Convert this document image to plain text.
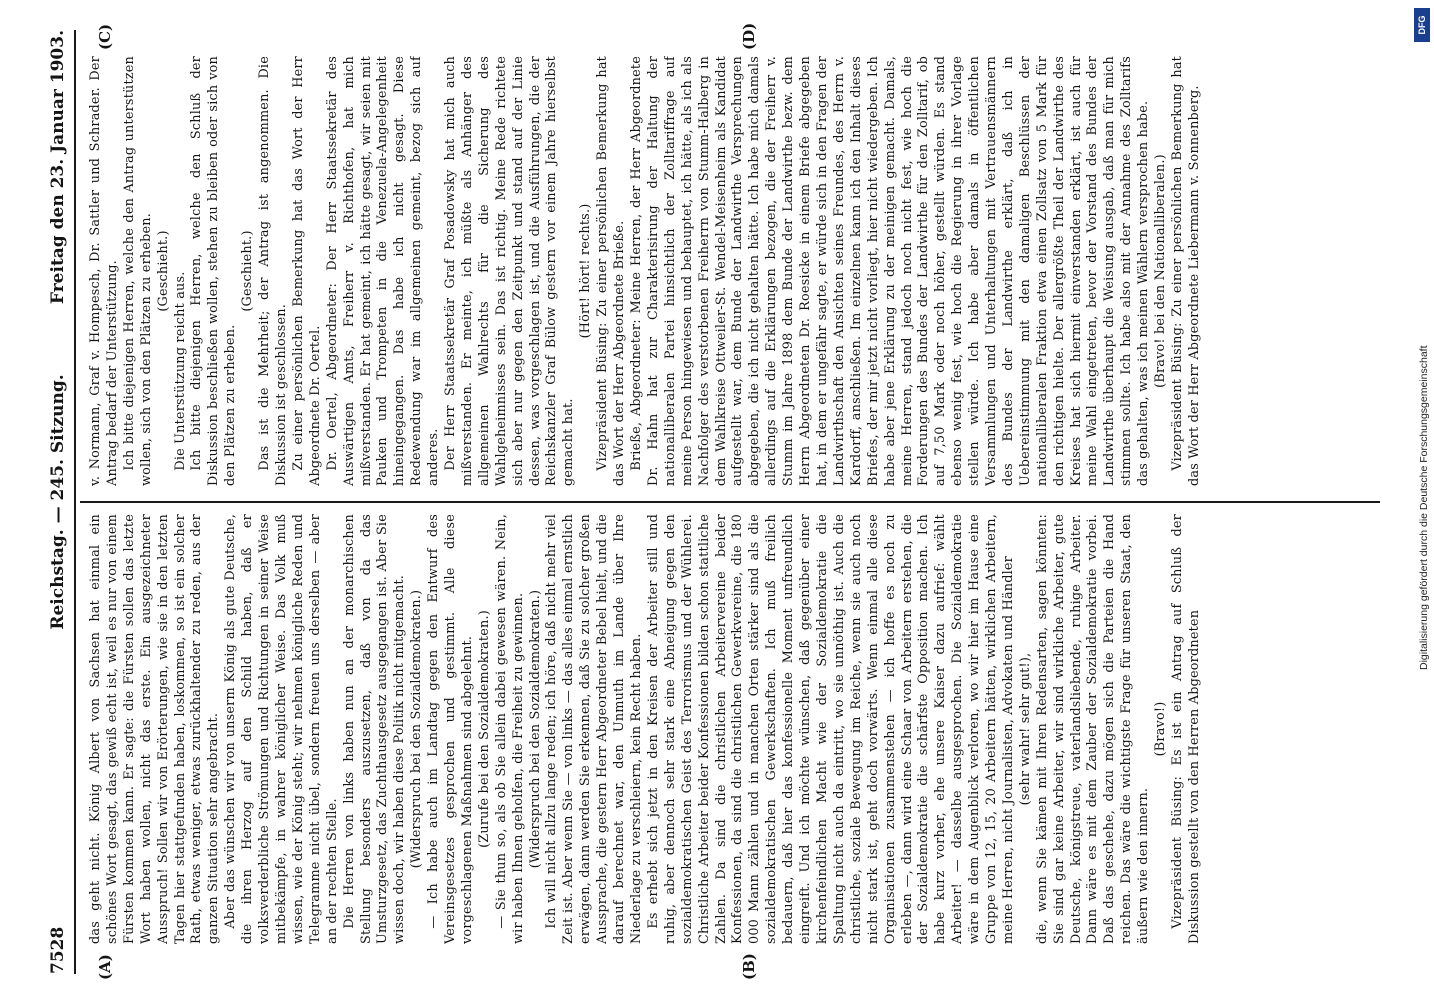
7528
Reichstag. — 245. Sitzung.
Freitag den 23. Januar 1903.
(A)	(B)
(C)	(D)

das geht nicht. König Albert von Sachsen hat einmal ein schönes Wort gesagt, das gewiß echt ist, weil es nur von einem Fürsten kommen kann. Er sagte: die Fürsten sollen das letzte Wort haben wollen, nicht das erste. Ein ausgezeichneter Ausspruch! Sollen wir von Erörterungen, wie sie in den letzten Tagen hier stattgefunden haben, loskommen, so ist ein solcher Rath, etwas weniger, etwas zurückhaltender zu reden, aus der ganzen Situation sehr angebracht. Aber das wünschen wir von unserm König als gute Deutsche, die ihren Herzog auf den Schild haben, daß er volksverderbliche Strömungen und Richtungen in seiner Weise mitbekämpfe, in wahrer königlicher Weise. Das Volk muß wissen, wie der König steht; wir nehmen königliche Reden und Telegramme nicht übel, sondern freuen uns derselben — aber an der rechten Stelle. Die Herren von links haben nun an der monarchischen Stellung besonders auszusetzen, daß von da das Umsturzgesetz, das Zuchthausgesetz ausgegangen ist. Aber Sie wissen doch, wir haben diese Politik nicht mitgemacht. (Widerspruch bei den Sozialdemokraten.) — Ich habe auch im Landtag gegen den Entwurf des Vereinsgesetzes gesprochen und gestimmt. Alle diese vorgeschlagenen Maßnahmen sind abgelehnt. (Zurufe bei den Sozialdemokraten.) — Sie thun so, als ob Sie allein dabei gewesen wären. Nein, wir haben Ihnen geholfen, die Freiheit zu gewinnen. (Widerspruch bei den Sozialdemokraten.) Ich will nicht allzu lange reden; ich höre, daß nicht mehr viel Zeit ist. Aber wenn Sie — von links — das alles einmal ernstlich erwägen, dann werden Sie erkennen, daß Sie zu solcher großen Aussprache, die gestern Herr Abgeordneter Bebel hielt, und die darauf berechnet war, den Unmuth im Lande über Ihre Niederlage zu verschleiern, kein Recht haben. Es erhebt sich jetzt in den Kreisen der Arbeiter still und ruhig, aber dennoch sehr stark eine Abneigung gegen den sozialdemokratischen Geist des Terrorismus und der Wühlerei. Christliche Arbeiter beider Konfessionen bilden schon stattliche Zahlen. Da sind die christlichen Arbeitervereine beider Konfessionen, da sind die christlichen Gewerkvereine, die 180 000 Mann zählen und in manchen Orten stärker sind als die sozialdemokratischen Gewerkschaften. Ich muß freilich bedauern, daß hier das konfessionelle Moment unfreundlich eingreift. Und ich möchte wünschen, daß gegenüber einer kirchenfeindlichen Macht wie der Sozialdemokratie die Spaltung nicht auch da eintritt, wo sie unnöthig ist. Auch die christliche, soziale Bewegung im Reiche, wenn sie auch noch nicht stark ist, geht doch vorwärts. Wenn einmal alle diese Organisationen zusammenstehen — ich hoffe es noch zu erleben —, dann wird eine Schaar von Arbeitern erstehen, die der Sozialdemokratie die schärfste Opposition machen. Ich habe kurz vorher, ehe unsere Kaiser dazu aufrief: wählt Arbeiter! — dasselbe ausgesprochen. Die Sozialdemokratie wäre in dem Augenblick verloren, wo wir hier im Hause eine Gruppe von 12, 15, 20 Arbeitern hätten, wirklichen Arbeitern, meine Herren, nicht Journalisten, Advokaten und Händler (sehr wahr! sehr gut!), die, wenn Sie kämen mit Ihren Redensarten, sagen könnten: Sie sind gar keine Arbeiter, wir sind wirkliche Arbeiter, gute Deutsche, königstreue, vaterlandsliebende, ruhige Arbeiter. Dann wäre es mit dem Zauber der Sozialdemokratie vorbei. Daß das geschehe, dazu mögen sich die Parteien die Hand reichen. Das wäre die wichtigste Frage für unseren Staat, den äußern wie den innern.

(Bravo!) Vizepräsident Büsing: Es ist ein Antrag auf Schluß der Diskussion gestellt von den Herren Abgeordneten

v. Normann, Graf v. Hompesch, Dr. Sattler und Schrader. Der Antrag bedarf der Unterstützung. Ich bitte diejenigen Herren, welche den Antrag unterstützen wollen, sich von den Plätzen zu erheben. (Geschieht.)

Die Unterstützung reicht aus. Ich bitte diejenigen Herren, welche den Schluß der Diskussion beschließen wollen, stehen zu bleiben oder sich von den Plätzen zu erheben.

(Geschieht.) Das ist die Mehrheit; der Antrag ist angenommen. Die Diskussion ist geschlossen. Zu einer persönlichen Bemerkung hat das Wort der Herr Abgeordnete Dr. Oertel. Dr. Oertel, Abgeordneter: Der Herr Staatssekretär des Auswärtigen Amts, Freiherr v. Richthofen, hat mich mißverstanden. Er hat gemeint, ich hätte gesagt, wir seien mit Pauken und Trompeten in die Venezuela-Angelegenheit hineingegangen. Das habe ich nicht gesagt. Diese Redewendung war im allgemeinen gemeint, bezog sich auf anderes. Der Herr Staatssekretär Graf Posadowsky hat mich auch mißverstanden. Er meinte, ich müßte als Anhänger des allgemeinen Wahlrechts für die Sicherung des Wahlgeheimnisses sein. Das ist richtig. Meine Rede richtete sich aber nur gegen den Zeitpunkt und stand auf der Linie dessen, was vorgeschlagen ist, und die Ausführungen, die der Reichskanzler Graf Bülow gestern vor einem Jahre hierselbst gemacht hat.

(Hört! hört! rechts.) Vizepräsident Büsing: Zu einer persönlichen Bemerkung hat das Wort der Herr Abgeordnete Brieße. Brieße, Abgeordneter: Meine Herren, der Herr Abgeordnete Dr. Hahn hat zur Charakterisirung der Haltung der nationalliberalen Partei hinsichtlich der Zolltariffrage auf meine Person hingewiesen und behauptet, ich hätte, als ich als Nachfolger des verstorbenen Freiherrn von Stumm-Halberg in dem Wahlkreise Ottweiler-St. Wendel-Meisenheim als Kandidat aufgestellt war, dem Bunde der Landwirthe Versprechungen abgegeben, die ich nicht gehalten hätte. Ich habe mich damals allerdings auf die Erklärungen bezogen, die der Freiherr v. Stumm im Jahre 1898 dem Bunde der Landwirthe bezw. dem Herrn Abgeordneten Dr. Roesicke in einem Briefe abgegeben hat, in dem er ungefähr sagte, er würde sich in den Fragen der Landwirthschaft den Ansichten seines Freundes, des Herrn v. Kardorff, anschließen. Im einzelnen kann ich den Inhalt dieses Briefes, der mir jetzt nicht vorliegt, hier nicht wiedergeben. Ich habe aber jene Erklärung zu der meinigen gemacht. Damals, meine Herren, stand jedoch noch nicht fest, wie hoch die Forderungen des Bundes der Landwirthe für den Zolltarif, ob auf 7,50 Mark oder noch höher, gestellt würden. Es stand ebenso wenig fest, wie hoch die Regierung in ihrer Vorlage stellen würde. Ich habe aber damals in öffentlichen Versammlungen und Unterhaltungen mit Vertrauensmännern des Bundes der Landwirthe erklärt, daß ich in Uebereinstimmung mit den damaligen Beschlüssen der nationalliberalen Fraktion etwa einen Zollsatz von 5 Mark für den richtigen hielte. Der allergrößte Theil der Landwirthe des Kreises hat sich hiermit einverstanden erklärt, ist auch für meine Wahl eingetreten, bevor der Vorstand des Bundes der Landwirthe überhaupt die Weisung ausgab, daß man für mich stimmen sollte. Ich habe also mit der Annahme des Zolltarifs das gehalten, was ich meinen Wählern versprochen habe. (Bravo! bei den Nationalliberalen.) Vizepräsident Büsing: Zu einer persönlichen Bemerkung hat das Wort der Herr Abgeordnete Liebermann v. Sonnenberg.

Digitalisierung gefördert durch die Deutsche Forschungsgemeinschaft
DFG
